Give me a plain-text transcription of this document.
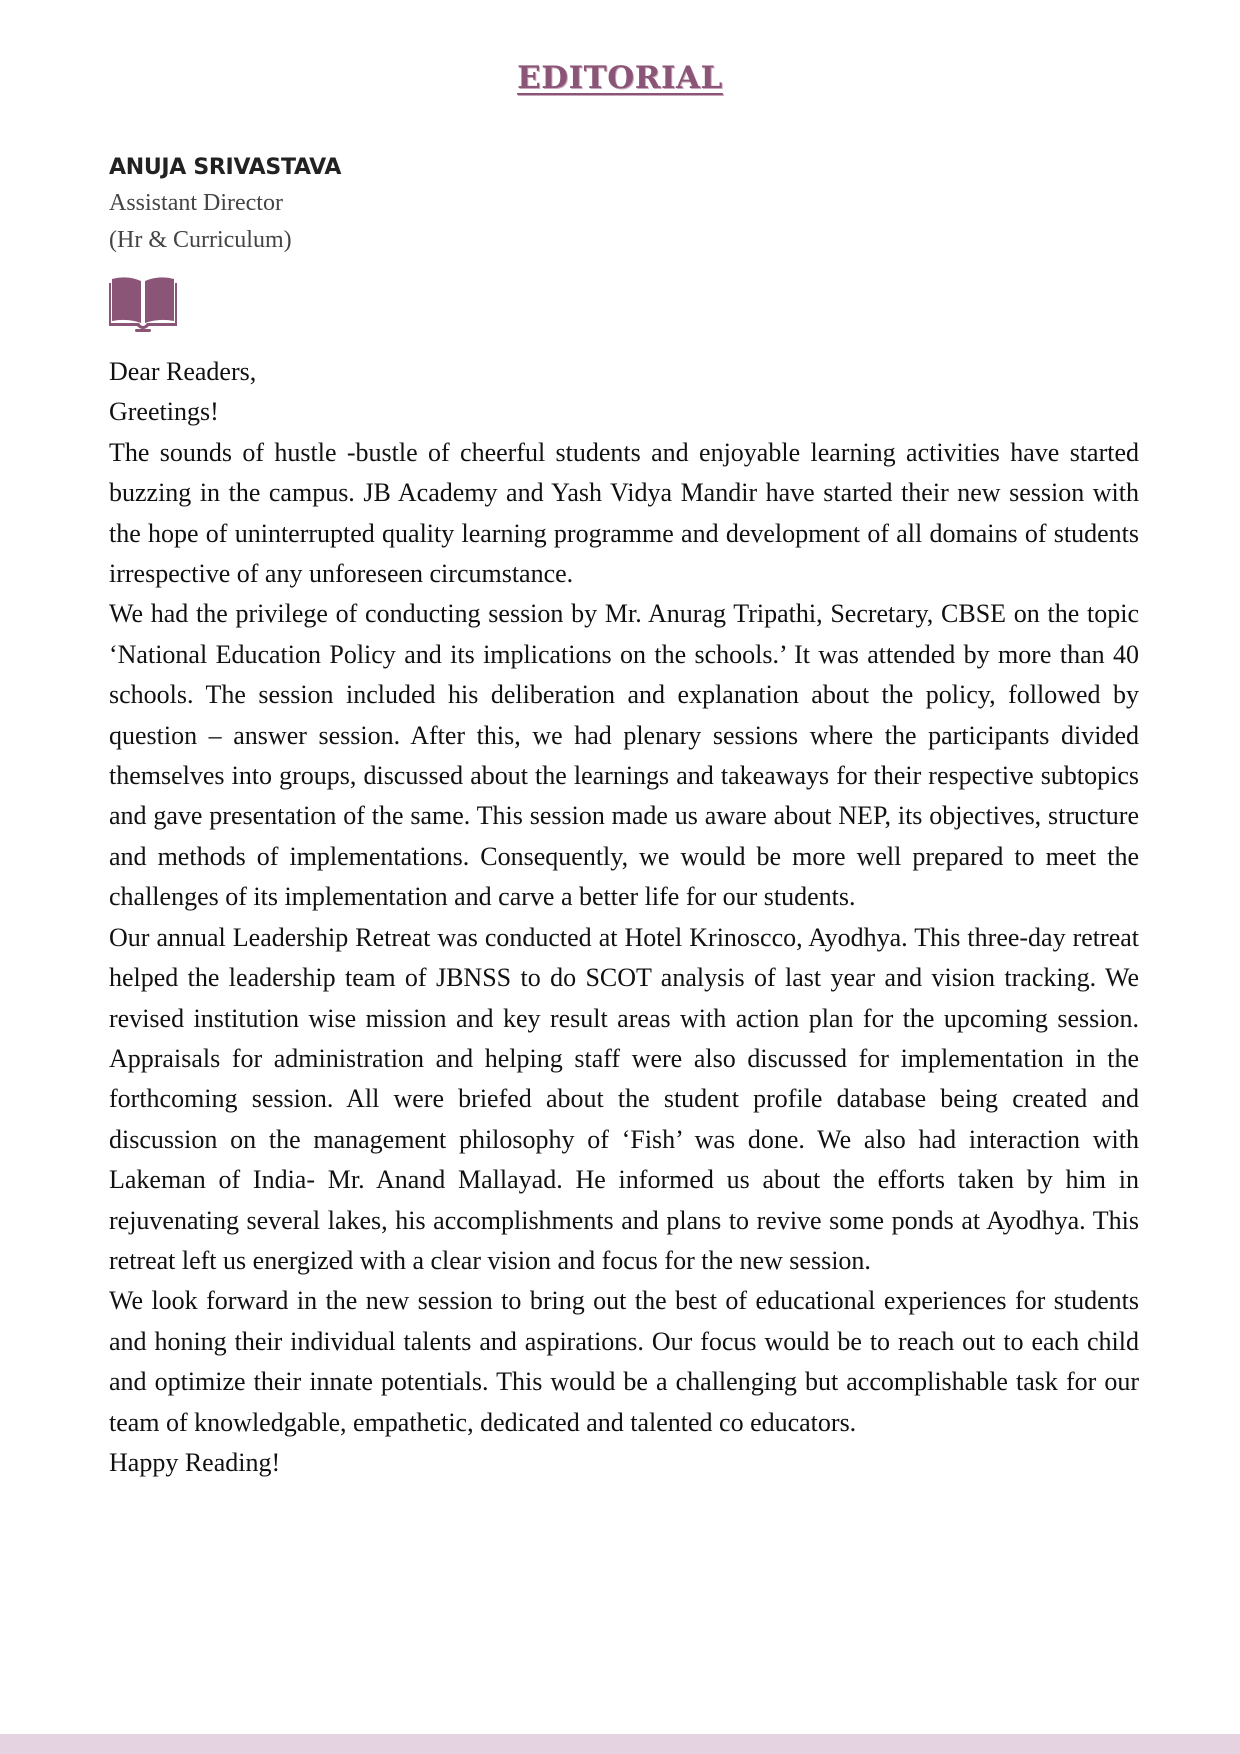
EDITORIAL
ANUJA SRIVASTAVA
Assistant Director
(Hr & Curriculum)

Dear Readers,

Greetings!

The sounds of hustle -bustle of cheerful students and enjoyable learning activities have started buzzing in the campus. JB Academy and Yash Vidya Mandir have started their new session with the hope of uninterrupted quality learning programme and development of all domains of students irrespective of any unforeseen circumstance.

We had the privilege of conducting session by Mr. Anurag Tripathi, Secretary, CBSE on the topic ‘National Education Policy and its implications on the schools.’ It was attended by more than 40 schools. The session included his deliberation and explanation about the policy, followed by question – answer session. After this, we had plenary sessions where the participants divided themselves into groups, discussed about the learnings and takeaways for their respective subtopics and gave presentation of the same. This session made us aware about NEP, its objectives, structure and methods of implementations. Consequently, we would be more well prepared to meet the challenges of its implementation and carve a better life for our students.

Our annual Leadership Retreat was conducted at Hotel Krinoscco, Ayodhya. This three-day retreat helped the leadership team of JBNSS to do SCOT analysis of last year and vision tracking. We revised institution wise mission and key result areas with action plan for the upcoming session. Appraisals for administration and helping staff were also discussed for implementation in the forthcoming session. All were briefed about the student profile database being created and discussion on the management philosophy of ‘Fish’ was done. We also had interaction with Lakeman of India- Mr. Anand Mallayad. He informed us about the efforts taken by him in rejuvenating several lakes, his accomplishments and plans to revive some ponds at Ayodhya. This retreat left us energized with a clear vision and focus for the new session.

We look forward in the new session to bring out the best of educational experiences for students and honing their individual talents and aspirations. Our focus would be to reach out to each child and optimize their innate potentials. This would be a challenging but accomplishable task for our team of knowledgable, empathetic, dedicated and talented co educators.

Happy Reading!
